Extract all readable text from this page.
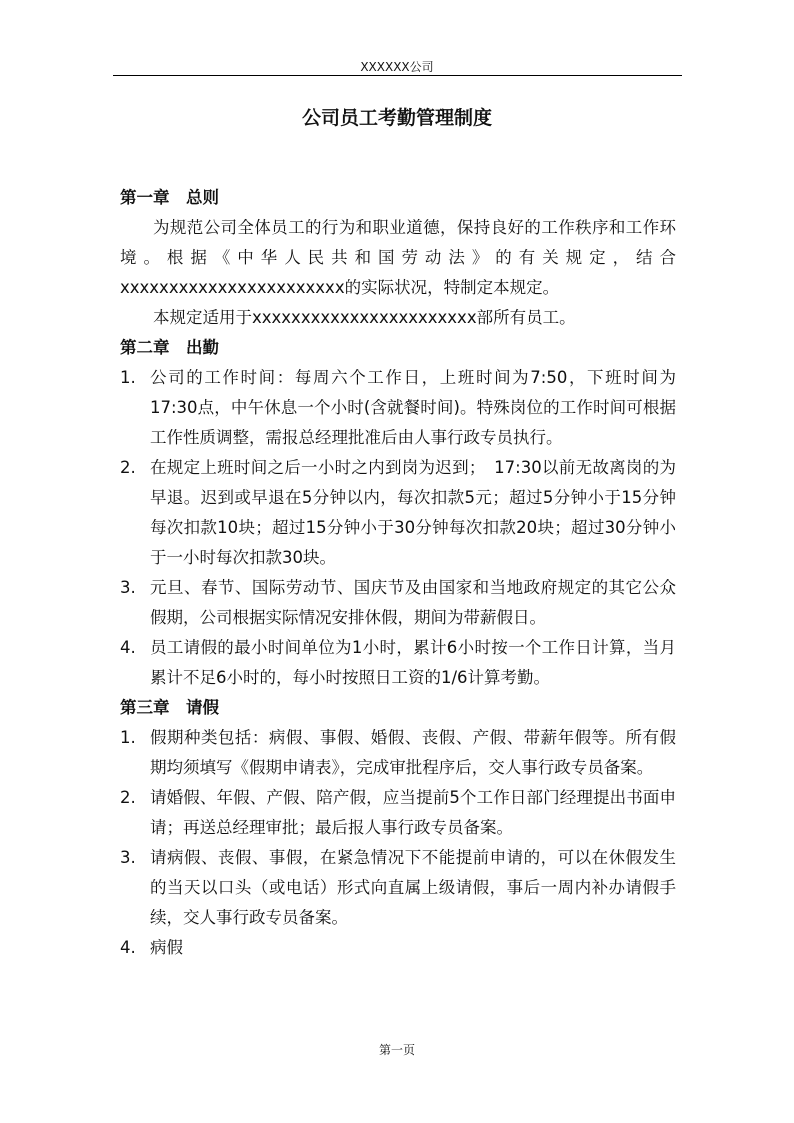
XXXXXX公司
公司员工考勤管理制度
第一章　总则

为规范公司全体员工的行为和职业道德，保持良好的工作秩序和工作环境。根据《中华人民共和国劳动法》的有关规定，结合xxxxxxxxxxxxxxxxxxxxxxx的实际状况，特制定本规定。

本规定适用于xxxxxxxxxxxxxxxxxxxxxxx部所有员工。

第二章　出勤
1. 公司的工作时间：每周六个工作日，上班时间为7:50，下班时间为17:30点，中午休息一个小时(含就餐时间)。特殊岗位的工作时间可根据工作性质调整，需报总经理批准后由人事行政专员执行。
2. 在规定上班时间之后一小时之内到岗为迟到；　17:30以前无故离岗的为早退。迟到或早退在5分钟以内，每次扣款5元；超过5分钟小于15分钟每次扣款10块；超过15分钟小于30分钟每次扣款20块；超过30分钟小于一小时每次扣款30块。
3. 元旦、春节、国际劳动节、国庆节及由国家和当地政府规定的其它公众假期，公司根据实际情况安排休假，期间为带薪假日。
4. 员工请假的最小时间单位为1小时，累计6小时按一个工作日计算，当月累计不足6小时的，每小时按照日工资的1/6计算考勤。
第三章　请假
1. 假期种类包括：病假、事假、婚假、丧假、产假、带薪年假等。所有假期均须填写《假期申请表》，完成审批程序后，交人事行政专员备案。
2. 请婚假、年假、产假、陪产假，应当提前5个工作日部门经理提出书面申请；再送总经理审批；最后报人事行政专员备案。
3. 请病假、丧假、事假，在紧急情况下不能提前申请的，可以在休假发生的当天以口头（或电话）形式向直属上级请假，事后一周内补办请假手续，交人事行政专员备案。
4. 病假
第一页
